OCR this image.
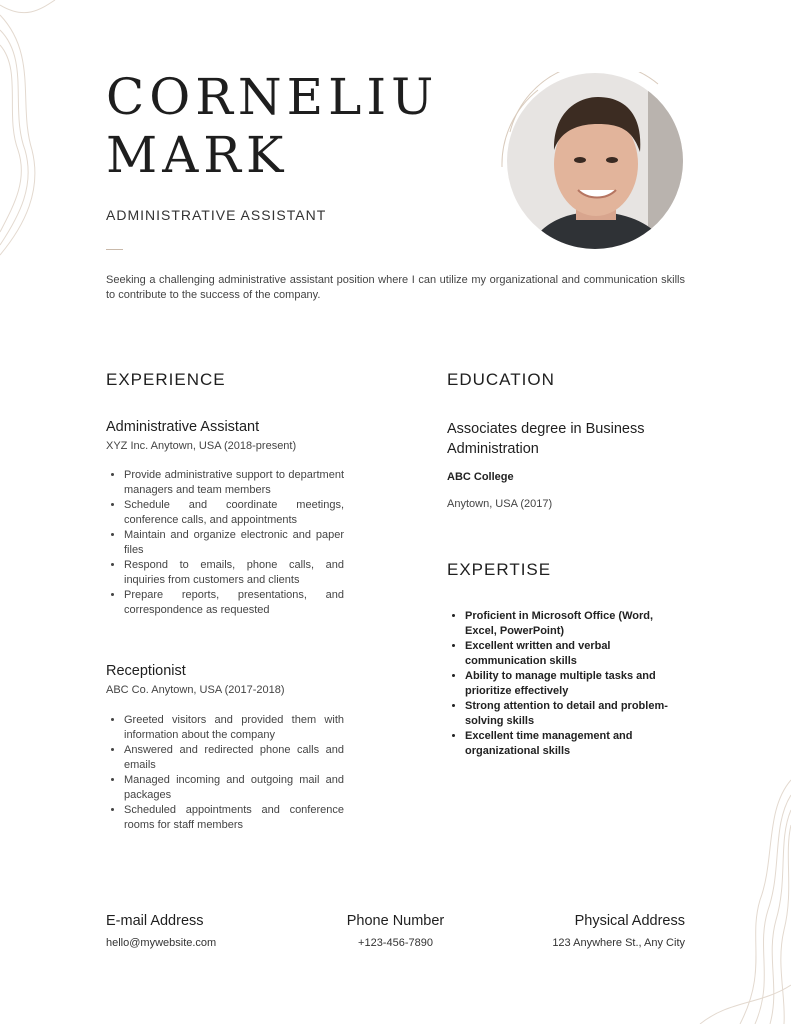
CORNELIU
MARK
ADMINISTRATIVE ASSISTANT

Seeking a challenging administrative assistant position where I can utilize my organizational and communication skills to contribute to the success of the company.

EXPERIENCE
Administrative Assistant
XYZ Inc. Anytown, USA (2018-present)
• Provide administrative support to department managers and team members
• Schedule and coordinate meetings, conference calls, and appointments
• Maintain and organize electronic and paper files
• Respond to emails, phone calls, and inquiries from customers and clients
• Prepare reports, presentations, and correspondence as requested
Receptionist
ABC Co. Anytown, USA (2017-2018)
• Greeted visitors and provided them with information about the company
• Answered and redirected phone calls and emails
• Managed incoming and outgoing mail and packages
• Scheduled appointments and conference rooms for staff members
EDUCATION
Associates degree in Business Administration
ABC College
Anytown, USA (2017)
EXPERTISE
• Proficient in Microsoft Office (Word, Excel, PowerPoint)
• Excellent written and verbal communication skills
• Ability to manage multiple tasks and prioritize effectively
• Strong attention to detail and problem-solving skills
• Excellent time management and organizational skills
E-mail Address
hello@mywebsite.com
Phone Number
+123-456-7890
Physical Address
123 Anywhere St., Any City
